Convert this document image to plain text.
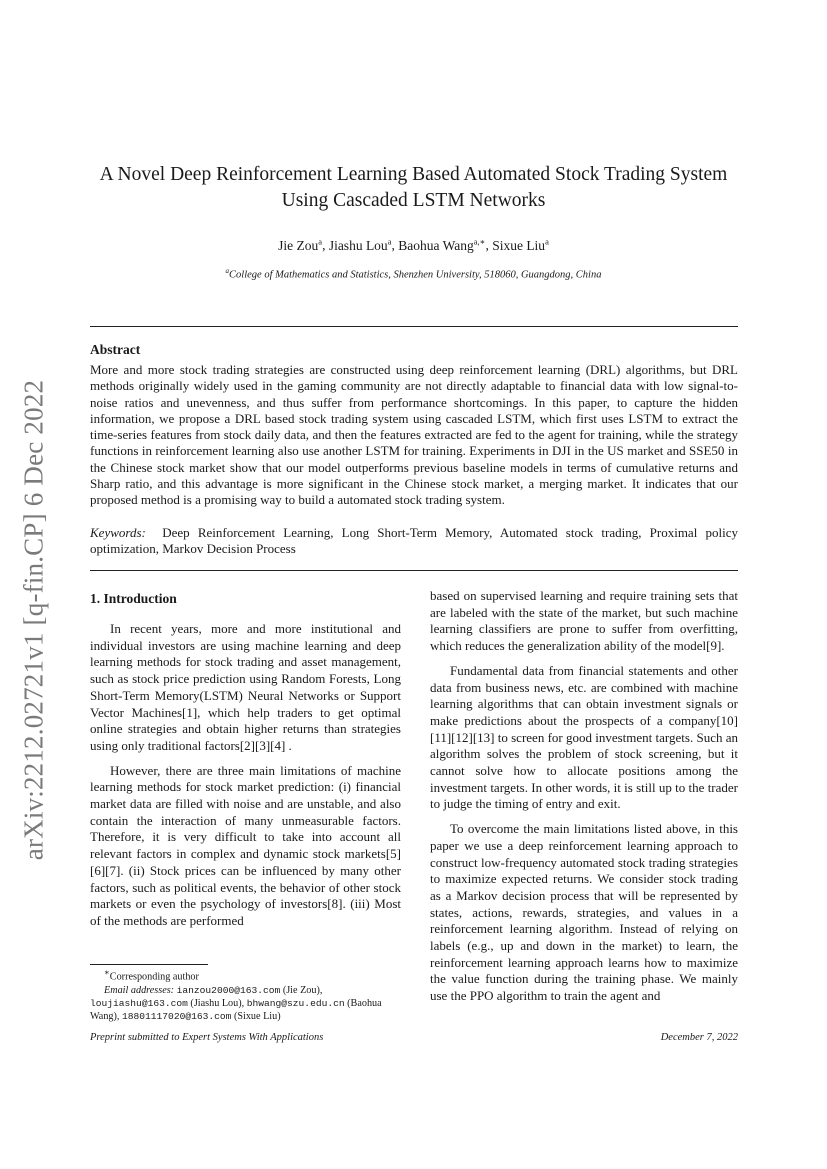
arXiv:2212.02721v1 [q-fin.CP] 6 Dec 2022
A Novel Deep Reinforcement Learning Based Automated Stock Trading System
Using Cascaded LSTM Networks
Jie Zou$^a$, Jiashu Lou$^a$, Baohua Wang$^{a,∗}$, Sixue Liu$^a$
$^a$College of Mathematics and Statistics, Shenzhen University, 518060, Guangdong, China
Abstract

More and more stock trading strategies are constructed using deep reinforcement learning (DRL) algorithms, but DRL methods originally widely used in the gaming community are not directly adaptable to financial data with low signal-to-noise ratios and unevenness, and thus suffer from performance shortcomings. In this paper, to capture the hidden information, we propose a DRL based stock trading system using cascaded LSTM, which first uses LSTM to extract the time-series features from stock daily data, and then the features extracted are fed to the agent for training, while the strategy functions in reinforcement learning also use another LSTM for training. Experiments in DJI in the US market and SSE50 in the Chinese stock market show that our model outperforms previous baseline models in terms of cumulative returns and Sharp ratio, and this advantage is more significant in the Chinese stock market, a merging market. It indicates that our proposed method is a promising way to build a automated stock trading system.

Keywords: Deep Reinforcement Learning, Long Short-Term Memory, Automated stock trading, Proximal policy optimization, Markov Decision Process

1. Introduction

In recent years, more and more institutional and individual investors are using machine learning and deep learning methods for stock trading and asset management, such as stock price prediction using Random Forests, Long Short-Term Memory(LSTM) Neural Networks or Support Vector Machines[1], which help traders to get optimal online strategies and obtain higher returns than strategies using only traditional factors[2][3][4] .

However, there are three main limitations of machine learning methods for stock market prediction: (i) financial market data are filled with noise and are unstable, and also contain the interaction of many unmeasurable factors. Therefore, it is very difficult to take into account all relevant factors in complex and dynamic stock markets[5][6][7]. (ii) Stock prices can be influenced by many other factors, such as political events, the behavior of other stock markets or even the psychology of investors[8]. (iii) Most of the methods are performed

based on supervised learning and require training sets that are labeled with the state of the market, but such machine learning classifiers are prone to suffer from overfitting, which reduces the generalization ability of the model[9].

Fundamental data from financial statements and other data from business news, etc. are combined with machine learning algorithms that can obtain investment signals or make predictions about the prospects of a company[10][11][12][13] to screen for good investment targets. Such an algorithm solves the problem of stock screening, but it cannot solve how to allocate positions among the investment targets. In other words, it is still up to the trader to judge the timing of entry and exit.

To overcome the main limitations listed above, in this paper we use a deep reinforcement learning approach to construct low-frequency automated stock trading strategies to maximize expected returns. We consider stock trading as a Markov decision process that will be represented by states, actions, rewards, strategies, and values in a reinforcement learning algorithm. Instead of relying on labels (e.g., up and down in the market) to learn, the reinforcement learning approach learns how to maximize the value function during the training phase. We mainly use the PPO algorithm to train the agent and

∗Corresponding author

Email addresses: ianzou2000@163.com (Jie Zou), loujiashu@163.com (Jiashu Lou), bhwang@szu.edu.cn (Baohua Wang), 18801117020@163.com (Sixue Liu)

Preprint submitted to Expert Systems With Applications	December 7, 2022
